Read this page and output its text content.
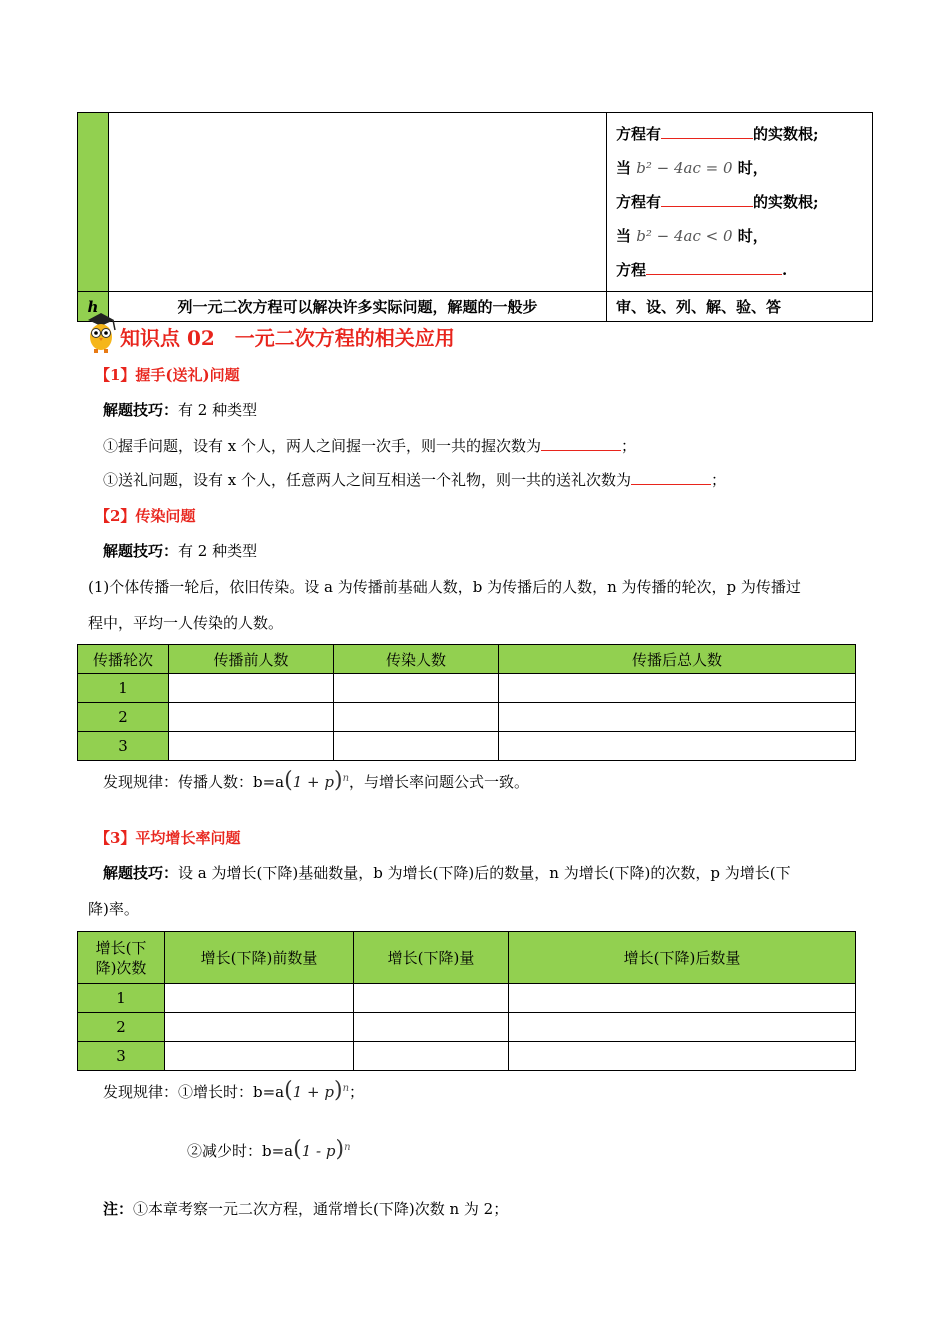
		方程有 的实数根;
当 b² − 4ac = 0 时，
方程有 的实数根;
当 b² − 4ac < 0 时，
方程 .

h	列一元二次方程可以解决许多实际问题，解题的一般步	审、设、列、解、验、答
知识点 02　一元二次方程的相关应用
【1】握手(送礼)问题
解题技巧：有 2 种类型
①握手问题，设有 x 个人，两人之间握一次手，则一共的握次数为	；
①送礼问题，设有 x 个人，任意两人之间互相送一个礼物，则一共的送礼次数为	；
【2】传染问题
解题技巧：有 2 种类型
(1)个体传播一轮后，依旧传染。设 a 为传播前基础人数，b 为传播后的人数，n 为传播的轮次，p 为传播过
程中，平均一人传染的人数。
传播轮次	传播前人数	传染人数	传播后总人数
1			
2			
3			
发现规律：传播人数：$b=a(1 + p)^n$，与增长率问题公式一致。
【3】平均增长率问题
解题技巧：设 a 为增长(下降)基础数量，b 为增长(下降)后的数量，n 为增长(下降)的次数，p 为增长(下
降)率。
增长(下
降)次数	增长(下降)前数量	增长(下降)量	增长(下降)后数量
1			
2			
3			
发现规律：①增长时：$b=a(1 + p)^n$；
②减少时：b=a(1 - p)$^n$
注：①本章考察一元二次方程，通常增长(下降)次数 n 为 2；
